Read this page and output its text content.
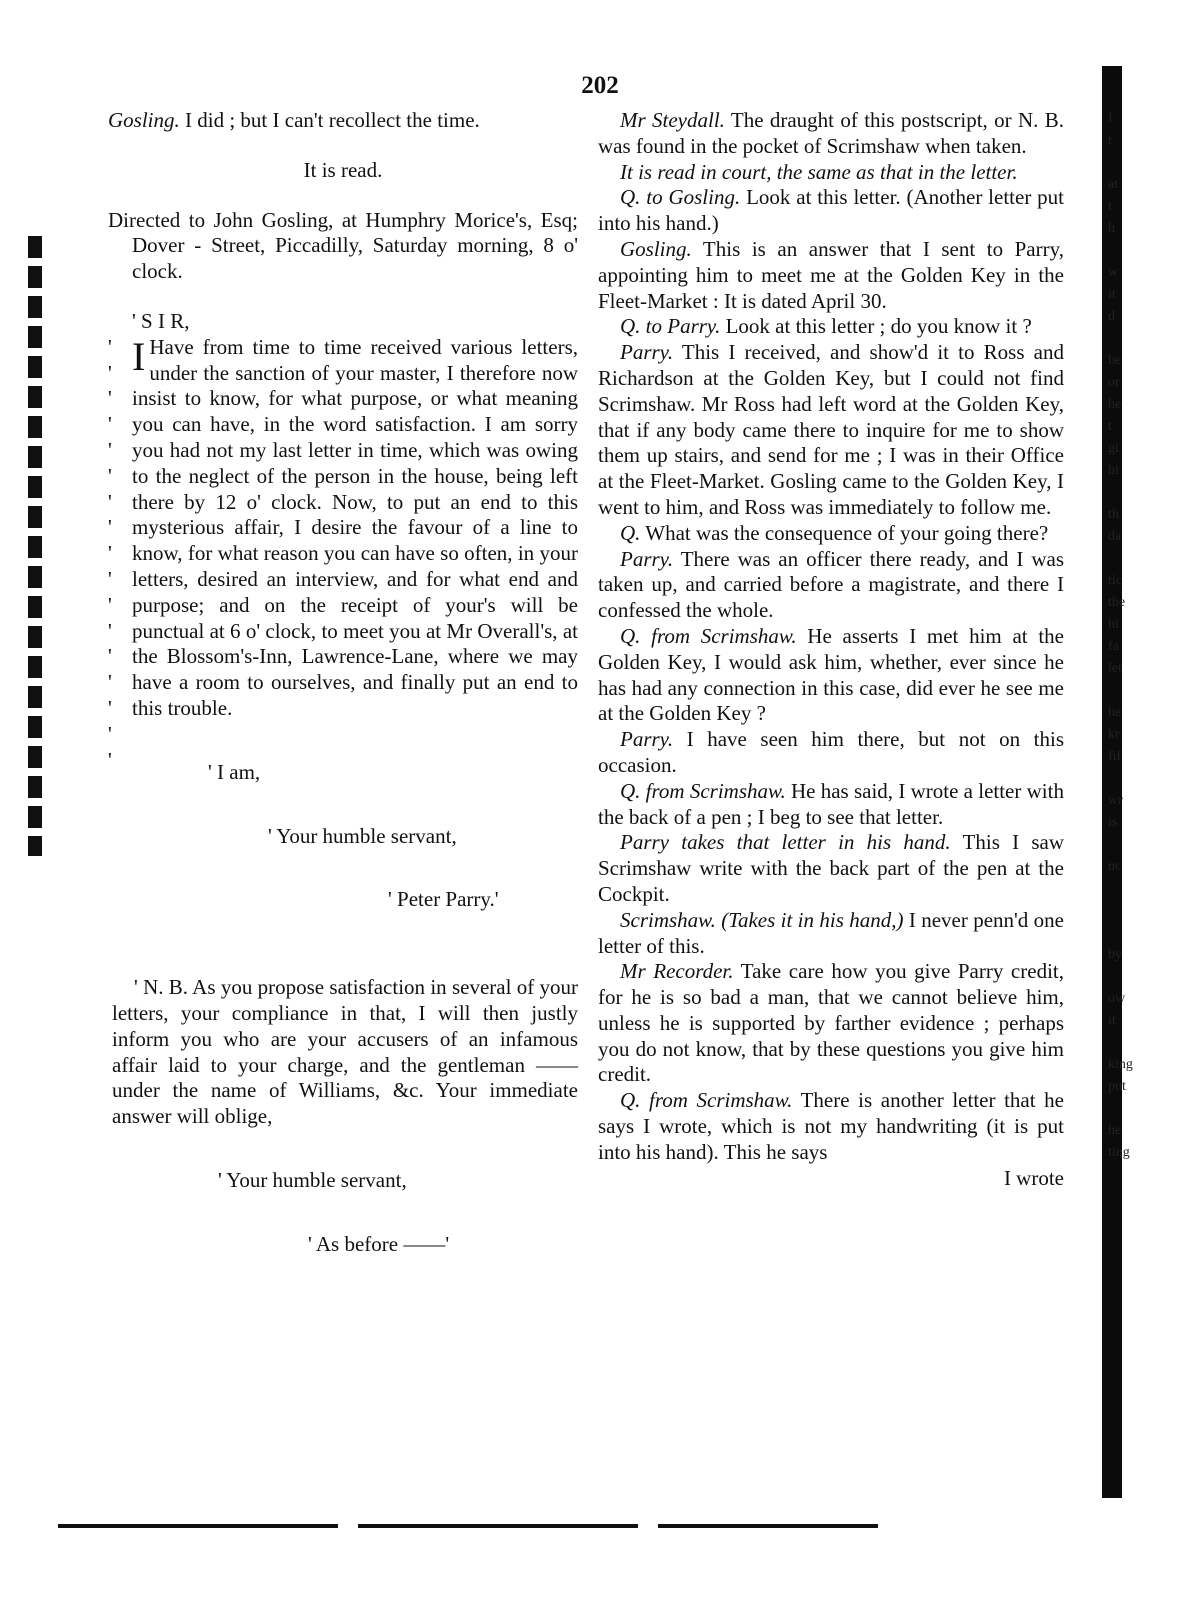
202

Gosling. I did ; but I can't recollect the time.

It is read.

Directed to John Gosling, at Humphry Morice's, Esq; Dover - Street, Piccadilly, Saturday morning, 8 o' clock.

' S I R,

'
'
'
'
'
'
'
'
'
'
'
'
'
'
'
'
'
I Have from time to time received various letters, under the sanction of your master, I therefore now insist to know, for what purpose, or what meaning you can have, in the word satisfaction. I am sorry you had not my last letter in time, which was owing to the neglect of the person in the house, being left there by 12 o' clock. Now, to put an end to this mysterious affair, I desire the favour of a line to know, for what reason you can have so often, in your letters, desired an interview, and for what end and purpose; and on the receipt of your's will be punctual at 6 o' clock, to meet you at Mr Overall's, at the Blossom's-Inn, Lawrence-Lane, where we may have a room to ourselves, and finally put an end to this trouble.

' I am,

' Your humble servant,

' Peter Parry.'

' N. B. As you propose satisfaction in several of your letters, your compliance in that, I will then justly inform you who are your accusers of an infamous affair laid to your charge, and the gentleman —— under the name of Williams, &c. Your immediate answer will oblige,

' Your humble servant,

' As before ——'

Mr Steydall. The draught of this postscript, or N. B. was found in the pocket of Scrimshaw when taken.

It is read in court, the same as that in the letter.

Q. to Gosling. Look at this letter. (Another letter put into his hand.)

Gosling. This is an answer that I sent to Parry, appointing him to meet me at the Golden Key in the Fleet-Market : It is dated April 30.

Q. to Parry. Look at this letter ; do you know it ?

Parry. This I received, and show'd it to Ross and Richardson at the Golden Key, but I could not find Scrimshaw. Mr Ross had left word at the Golden Key, that if any body came there to inquire for me to show them up stairs, and send for me ; I was in their Office at the Fleet-Market. Gosling came to the Golden Key, I went to him, and Ross was immediately to follow me.

Q. What was the consequence of your going there?

Parry. There was an officer there ready, and I was taken up, and carried before a magistrate, and there I confessed the whole.

Q. from Scrimshaw. He asserts I met him at the Golden Key, I would ask him, whether, ever since he has had any connection in this case, did ever he see me at the Golden Key ?

Parry. I have seen him there, but not on this occasion.

Q. from Scrimshaw. He has said, I wrote a letter with the back of a pen ; I beg to see that letter.

Parry takes that letter in his hand. This I saw Scrimshaw write with the back part of the pen at the Cockpit.

Scrimshaw. (Takes it in his hand,) I never penn'd one letter of this.

Mr Recorder. Take care how you give Parry credit, for he is so bad a man, that we cannot believe him, unless he is supported by farther evidence ; perhaps you do not know, that by these questions you give him credit.

Q. from Scrimshaw. There is another letter that he says I wrote, which is not my handwriting (it is put into his hand). This he says

I wrote

I
t

at
t
h

w
it
d

be
or
he
t
gi
hi

th
da

tic
the
hi
fa
let

he
kr
fif

wr
is

nc

by

ow
it

king
put

he
ting
